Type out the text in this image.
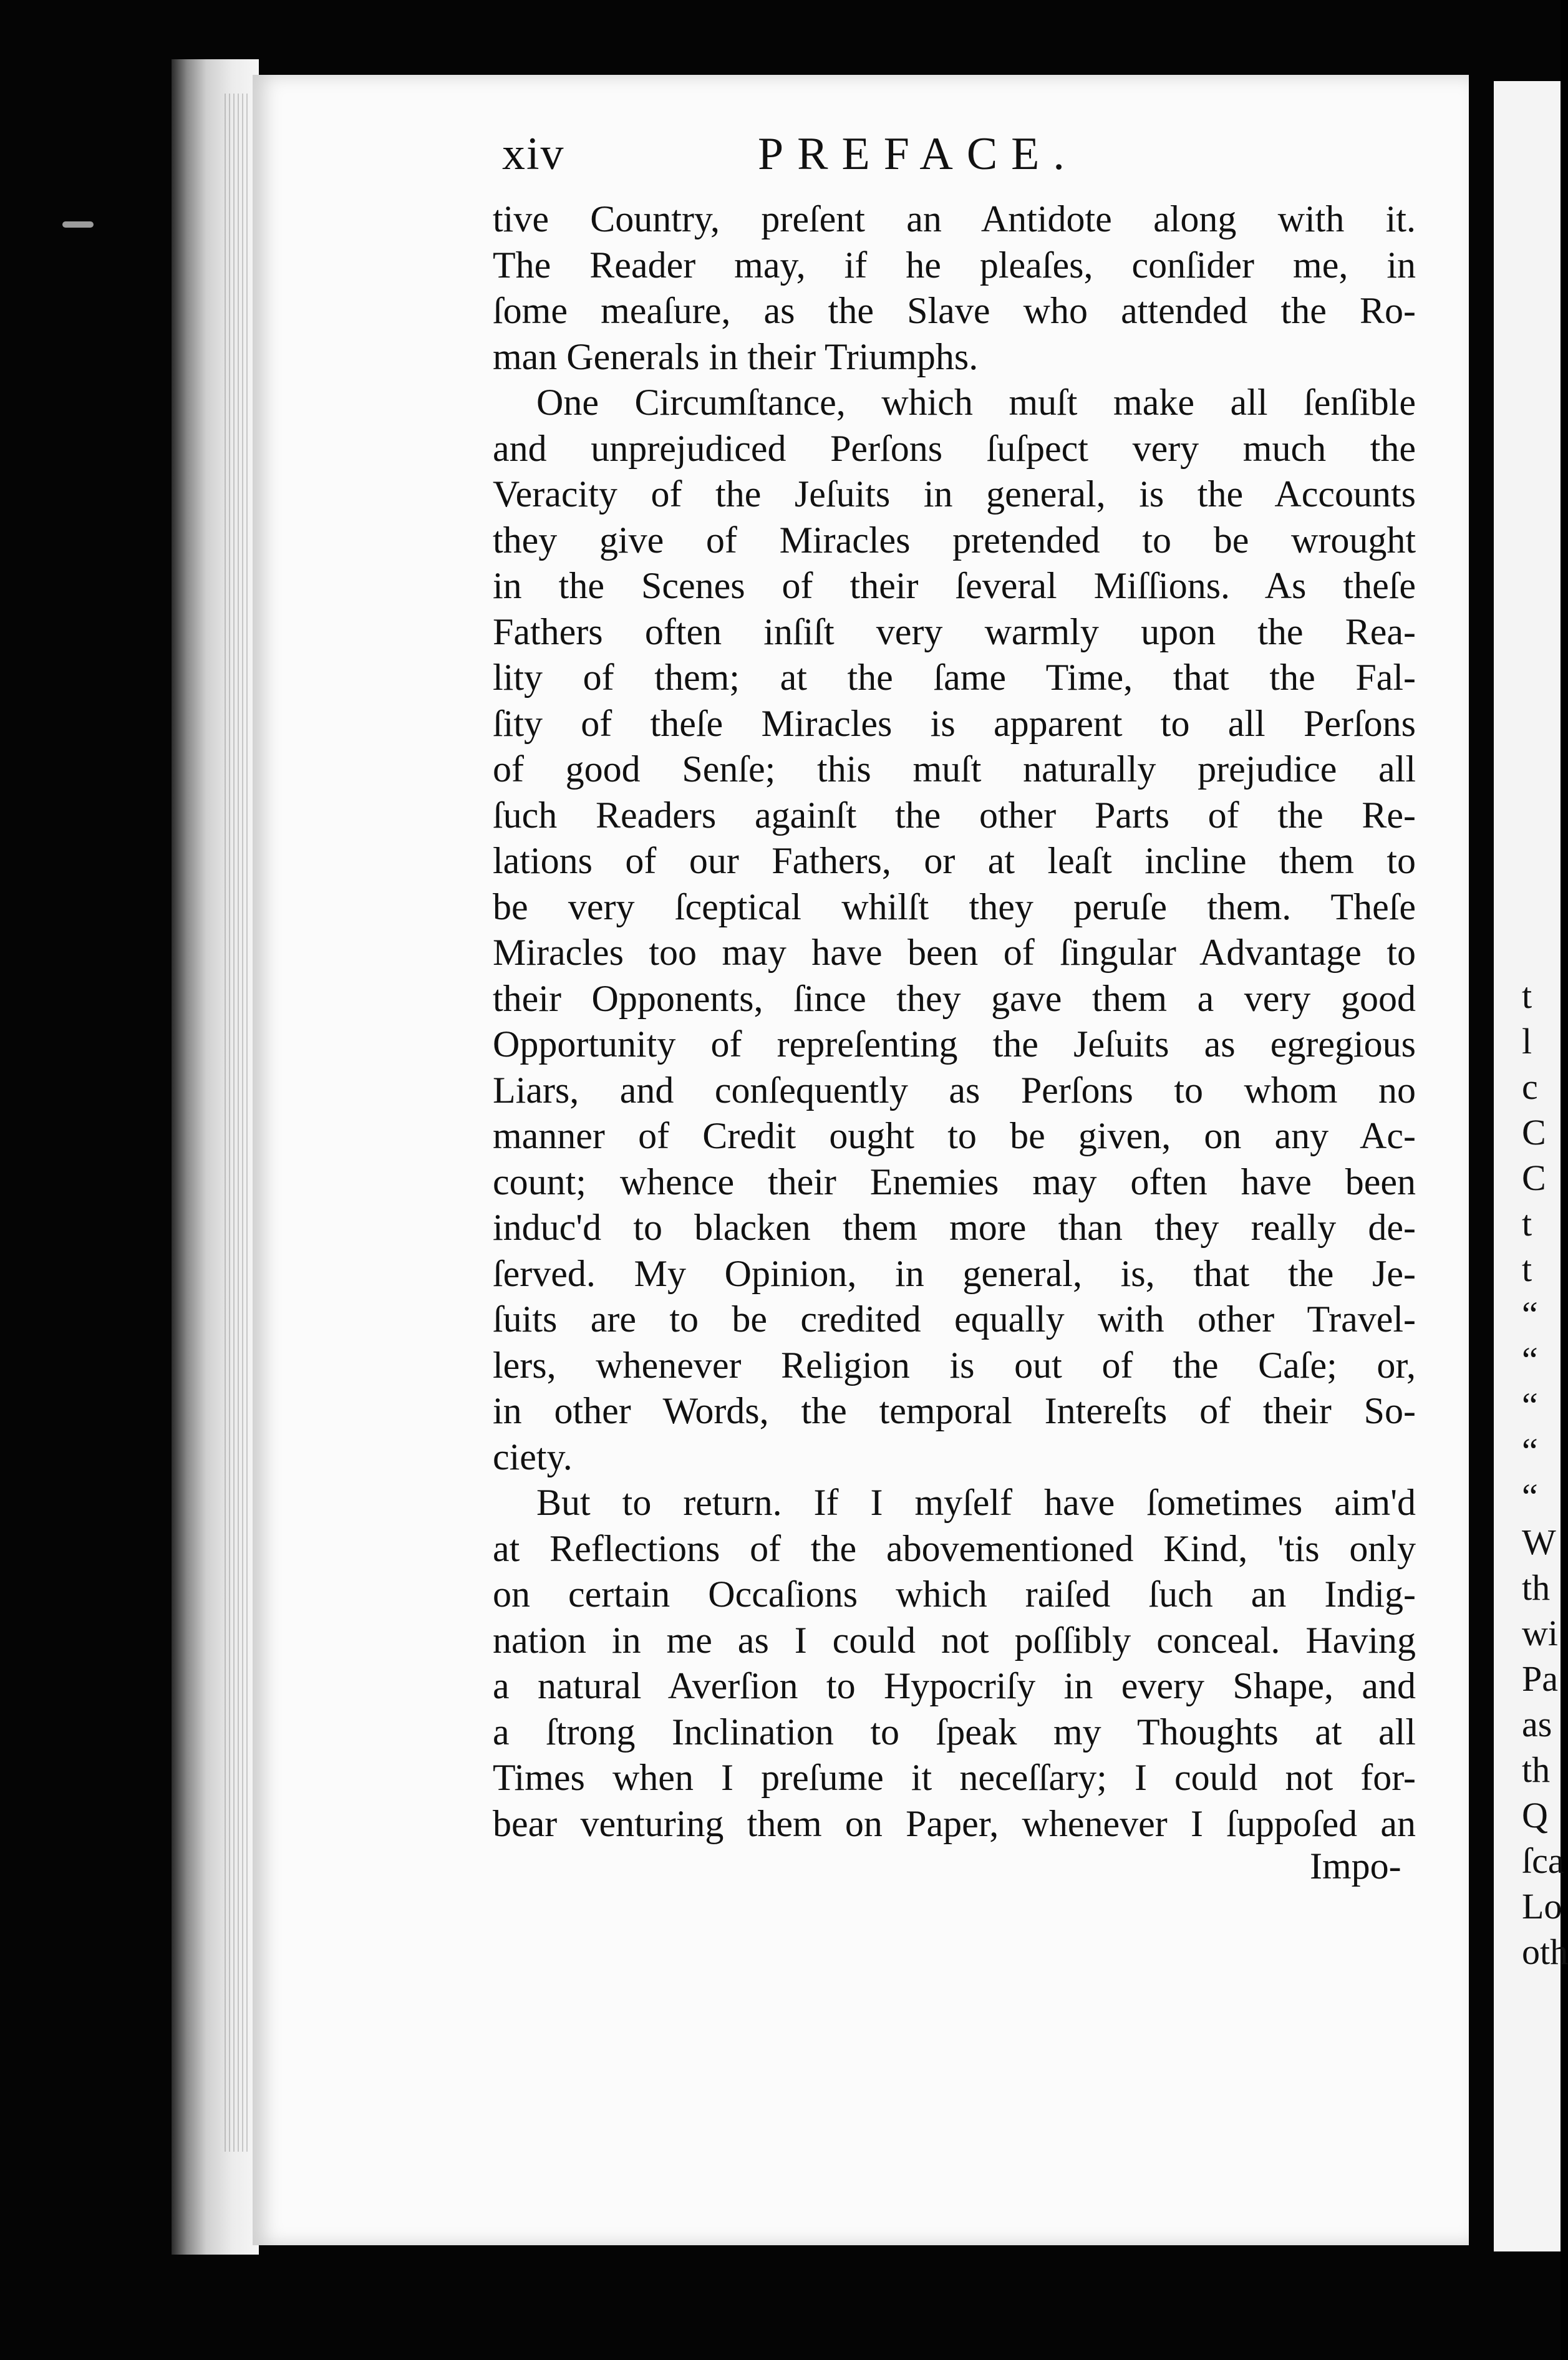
t
l
c
C
C
t
t
“
“
“
“
“
W
th
wi
Pa
as
th
Q
ſca
Lo
oth
xiv	PREFACE.
tive Country, preſent an Antidote along with it.
The Reader may, if he pleaſes, conſider me, in
ſome meaſure, as the Slave who attended the Ro-
man Generals in their Triumphs.
One Circumſtance, which muſt make all ſenſible
and unprejudiced Perſons ſuſpect very much the
Veracity of the Jeſuits in general, is the Accounts
they give of Miracles pretended to be wrought
in the Scenes of their ſeveral Miſſions. As theſe
Fathers often inſiſt very warmly upon the Rea-
lity of them; at the ſame Time, that the Fal-
ſity of theſe Miracles is apparent to all Perſons
of good Senſe; this muſt naturally prejudice all
ſuch Readers againſt the other Parts of the Re-
lations of our Fathers, or at leaſt incline them to
be very ſceptical whilſt they peruſe them. Theſe
Miracles too may have been of ſingular Advantage to
their Opponents, ſince they gave them a very good
Opportunity of repreſenting the Jeſuits as egregious
Liars, and conſequently as Perſons to whom no
manner of Credit ought to be given, on any Ac-
count; whence their Enemies may often have been
induc'd to blacken them more than they really de-
ſerved. My Opinion, in general, is, that the Je-
ſuits are to be credited equally with other Travel-
lers, whenever Religion is out of the Caſe; or,
in other Words, the temporal Intereſts of their So-
ciety.
But to return. If I myſelf have ſometimes aim'd
at Reflections of the abovementioned Kind, 'tis only
on certain Occaſions which raiſed ſuch an Indig-
nation in me as I could not poſſibly conceal. Having
a natural Averſion to Hypocriſy in every Shape, and
a ſtrong Inclination to ſpeak my Thoughts at all
Times when I preſume it neceſſary; I could not for-
bear venturing them on Paper, whenever I ſuppoſed an
Impo-
